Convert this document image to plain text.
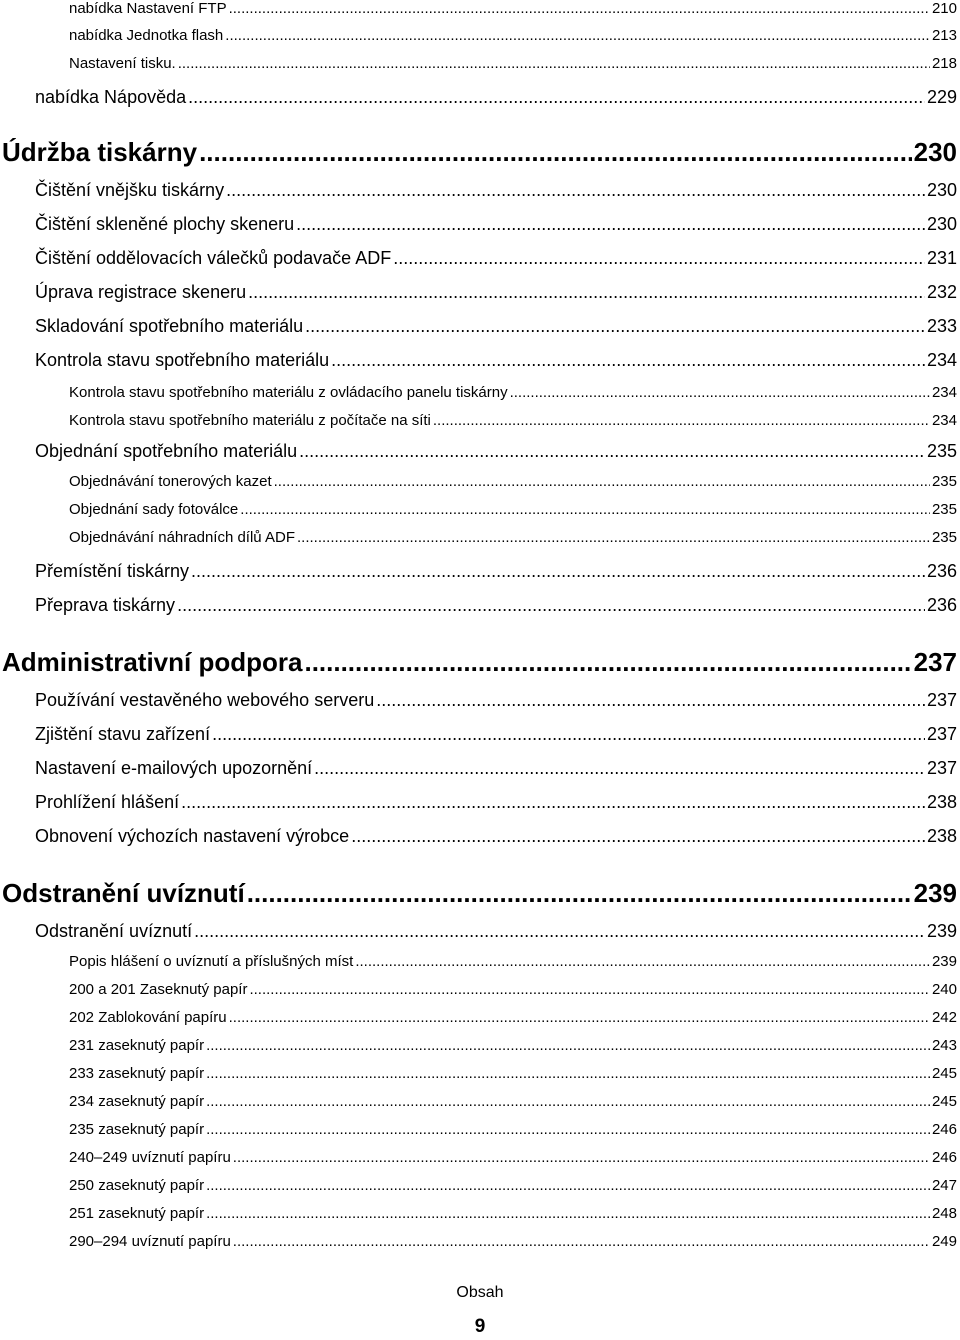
nabídka Nastavení FTP .....	210
nabídka Jednotka flash .....	213
Nastavení tisku. .....	218
nabídka Nápověda .....	229
Údržba tiskárny .....	230
Čištění vnějšku tiskárny .....	230
Čištění skleněné plochy skeneru .....	230
Čištění oddělovacích válečků podavače ADF .....	231
Úprava registrace skeneru .....	232
Skladování spotřebního materiálu .....	233
Kontrola stavu spotřebního materiálu .....	234
Kontrola stavu spotřebního materiálu z ovládacího panelu tiskárny .....	234
Kontrola stavu spotřebního materiálu z počítače na síti .....	234
Objednání spotřebního materiálu .....	235
Objednávání tonerových kazet .....	235
Objednání sady fotoválce .....	235
Objednávání náhradních dílů ADF .....	235
Přemístění tiskárny .....	236
Přeprava tiskárny .....	236
Administrativní podpora .....	237
Používání vestavěného webového serveru .....	237
Zjištění stavu zařízení .....	237
Nastavení e-mailových upozornění .....	237
Prohlížení hlášení .....	238
Obnovení výchozích nastavení výrobce .....	238
Odstranění uvíznutí .....	239
Odstranění uvíznutí .....	239
Popis hlášení o uvíznutí a příslušných míst .....	239
200 a 201 Zaseknutý papír .....	240
202 Zablokování papíru .....	242
231 zaseknutý papír .....	243
233 zaseknutý papír .....	245
234 zaseknutý papír .....	245
235 zaseknutý papír .....	246
240–249 uvíznutí papíru .....	246
250 zaseknutý papír .....	247
251 zaseknutý papír .....	248
290–294 uvíznutí papíru .....	249
Obsah
9
